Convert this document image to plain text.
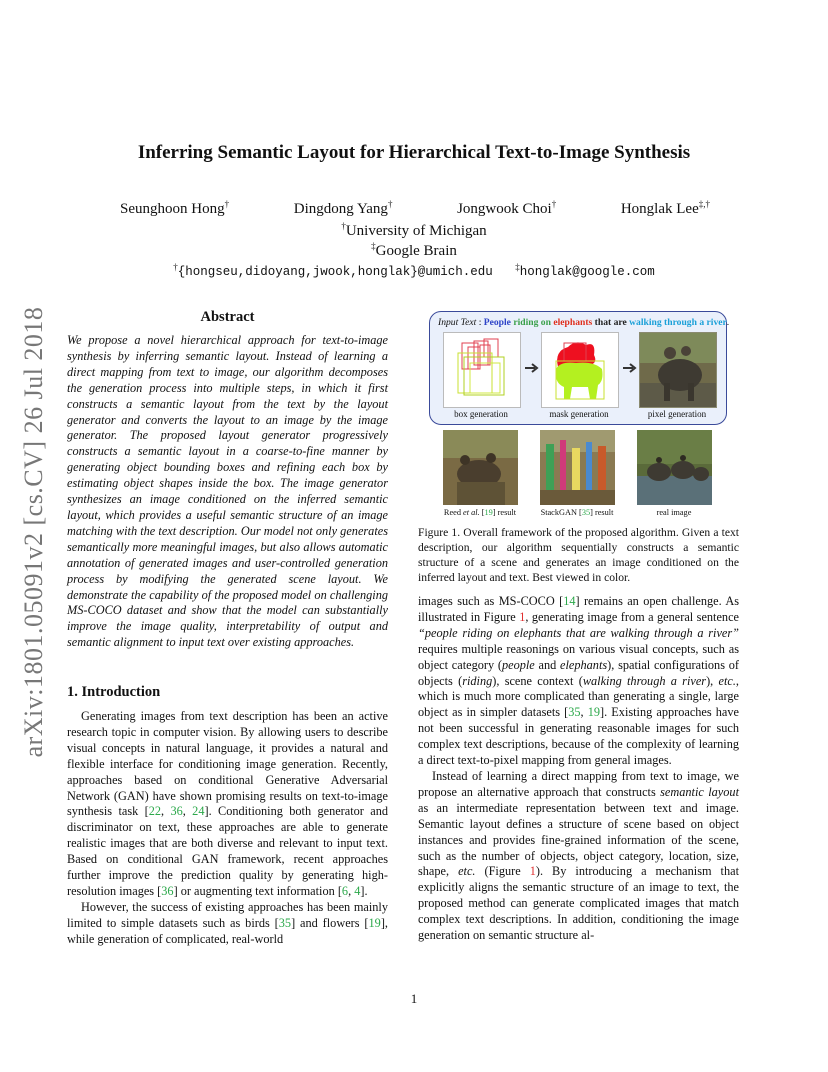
arXiv:1801.05091v2 [cs.CV] 26 Jul 2018
Inferring Semantic Layout for Hierarchical Text-to-Image Synthesis
Seunghoon Hong†	Dingdong Yang†	Jongwook Choi†	Honglak Lee‡,†
†University of Michigan
‡Google Brain
†{hongseu,didoyang,jwook,honglak}@umich.edu	‡honglak@google.com
Abstract

We propose a novel hierarchical approach for text-to-image synthesis by inferring semantic layout. Instead of learning a direct mapping from text to image, our algorithm decomposes the generation process into multiple steps, in which it first constructs a semantic layout from the text by the layout generator and converts the layout to an image by the image generator. The proposed layout generator progressively constructs a semantic layout in a coarse-to-fine manner by generating object bounding boxes and refining each box by estimating object shapes inside the box. The image generator synthesizes an image conditioned on the inferred semantic layout, which provides a useful semantic structure of an image matching with the text description. Our model not only generates semantically more meaningful images, but also allows automatic annotation of generated images and user-controlled generation process by modifying the generated scene layout. We demonstrate the capability of the proposed model on challenging MS-COCO dataset and show that the model can substantially improve the image quality, interpretability of output and semantic alignment to input text over existing approaches.

1. Introduction

Generating images from text description has been an active research topic in computer vision. By allowing users to describe visual concepts in natural language, it provides a natural and flexible interface for conditioning image generation. Recently, approaches based on conditional Generative Adversarial Network (GAN) have shown promising results on text-to-image synthesis task [22, 36, 24]. Conditioning both generator and discriminator on text, these approaches are able to generate realistic images that are both diverse and relevant to input text. Based on conditional GAN framework, recent approaches further improve the prediction quality by generating high-resolution images [36] or augmenting text information [6, 4].

However, the success of existing approaches has been mainly limited to simple datasets such as birds [35] and flowers [19], while generation of complicated, real-world

Input Text : People riding on elephants that are walking through a river.
box generation	mask generation	pixel generation
Reed et al. [19] result	StackGAN [35] result	real image

Figure 1. Overall framework of the proposed algorithm. Given a text description, our algorithm sequentially constructs a semantic structure of a scene and generates an image conditioned on the inferred layout and text. Best viewed in color.

images such as MS-COCO [14] remains an open challenge. As illustrated in Figure 1, generating image from a general sentence “people riding on elephants that are walking through a river” requires multiple reasonings on various visual concepts, such as object category (people and elephants), spatial configurations of objects (riding), scene context (walking through a river), etc., which is much more complicated than generating a single, large object as in simpler datasets [35, 19]. Existing approaches have not been successful in generating reasonable images for such complex text descriptions, because of the complexity of learning a direct text-to-pixel mapping from general images.

Instead of learning a direct mapping from text to image, we propose an alternative approach that constructs semantic layout as an intermediate representation between text and image. Semantic layout defines a structure of scene based on object instances and provides fine-grained information of the scene, such as the number of objects, object category, location, size, shape, etc. (Figure 1). By introducing a mechanism that explicitly aligns the semantic structure of an image to text, the proposed method can generate complicated images that match complex text descriptions. In addition, conditioning the image generation on semantic structure al-

1
